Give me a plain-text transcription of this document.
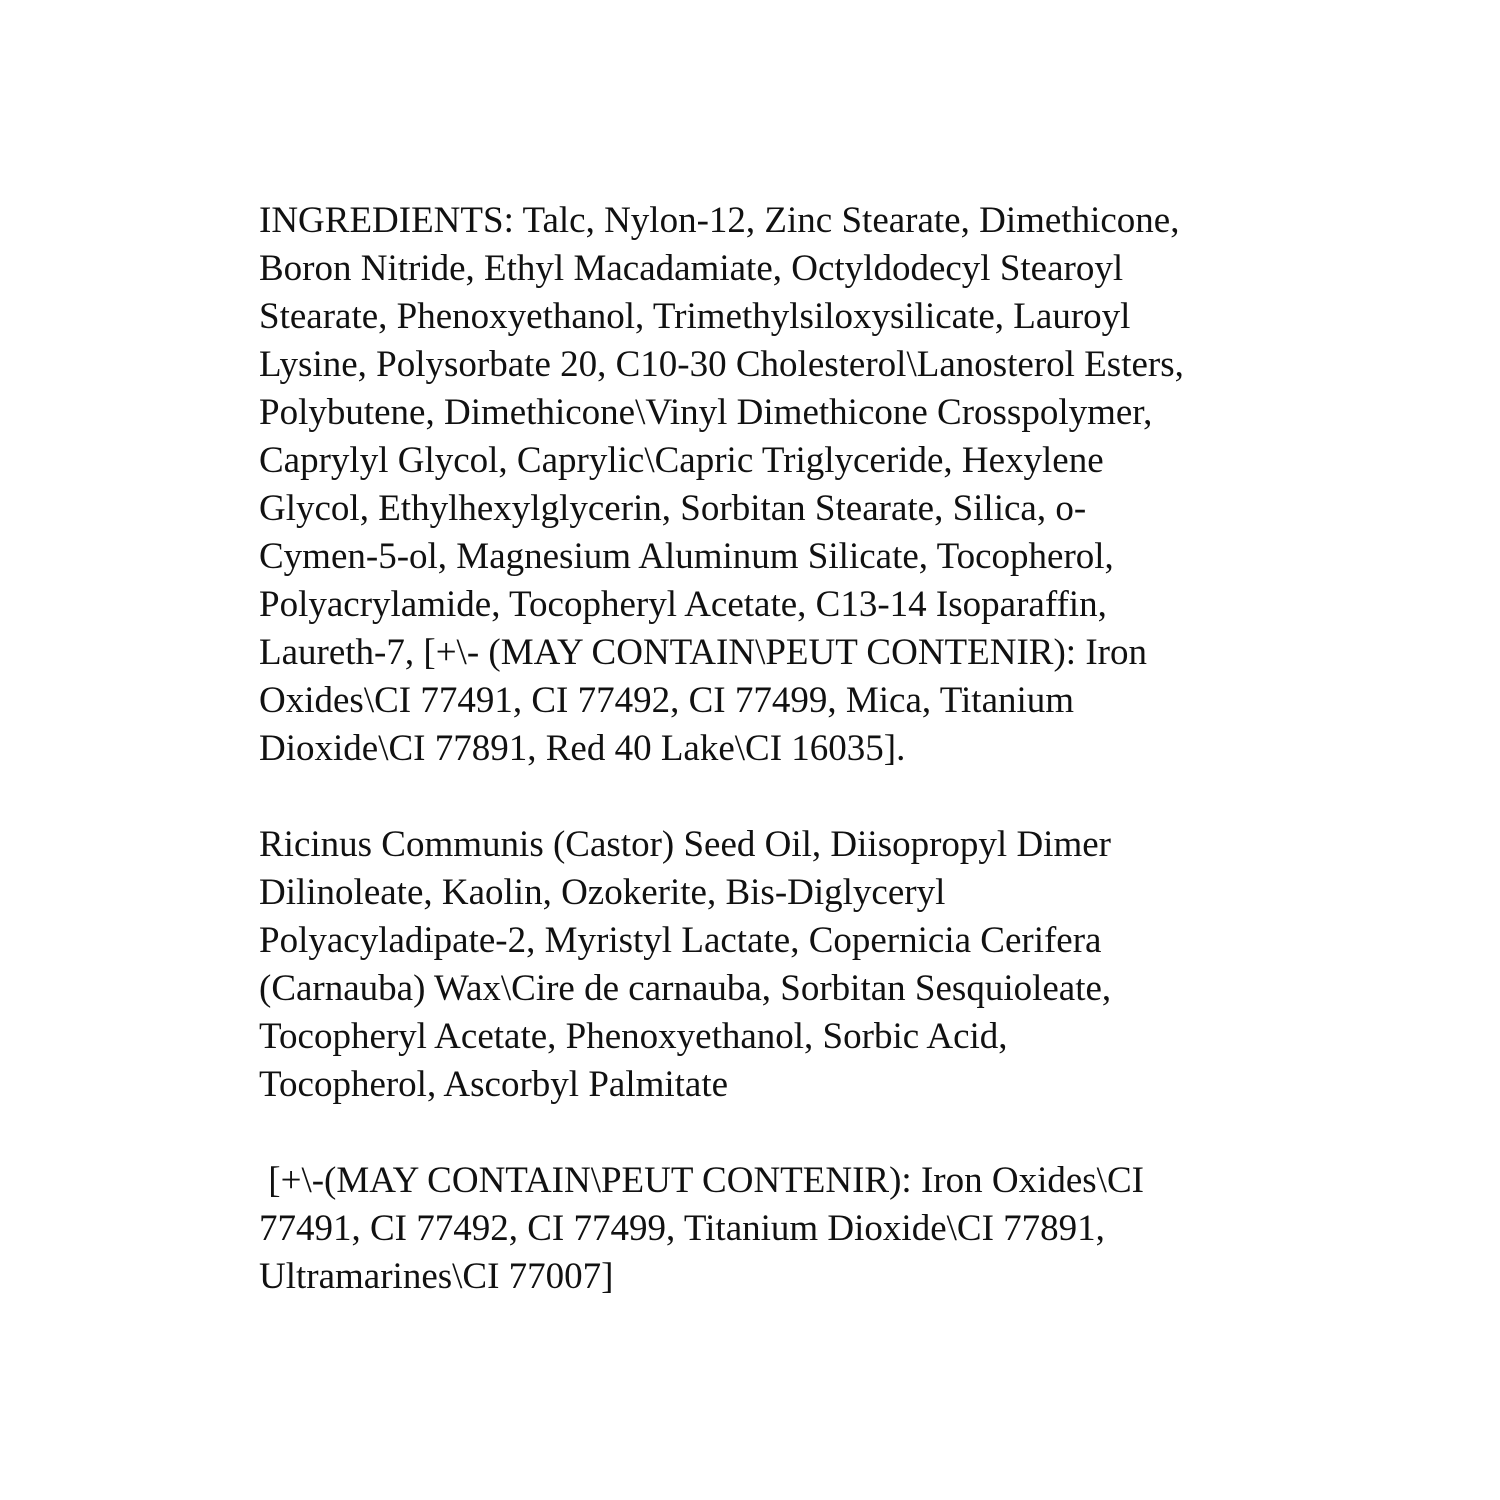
INGREDIENTS: Talc, Nylon-12, Zinc Stearate, Dimethicone,

Boron Nitride, Ethyl Macadamiate, Octyldodecyl Stearoyl

Stearate, Phenoxyethanol, Trimethylsiloxysilicate, Lauroyl

Lysine, Polysorbate 20, C10-30 Cholesterol\Lanosterol Esters,

Polybutene, Dimethicone\Vinyl Dimethicone Crosspolymer,

Caprylyl Glycol, Caprylic\Capric Triglyceride, Hexylene

Glycol, Ethylhexylglycerin, Sorbitan Stearate, Silica, o-

Cymen-5-ol, Magnesium Aluminum Silicate, Tocopherol,

Polyacrylamide, Tocopheryl Acetate, C13-14 Isoparaffin,

Laureth-7, [+\- (MAY CONTAIN\PEUT CONTENIR): Iron

Oxides\CI 77491, CI 77492, CI 77499, Mica, Titanium

Dioxide\CI 77891, Red 40 Lake\CI 16035].

Ricinus Communis (Castor) Seed Oil, Diisopropyl Dimer

Dilinoleate, Kaolin, Ozokerite, Bis-Diglyceryl

Polyacyladipate-2, Myristyl Lactate, Copernicia Cerifera

(Carnauba) Wax\Cire de carnauba, Sorbitan Sesquioleate,

Tocopheryl Acetate, Phenoxyethanol, Sorbic Acid,

Tocopherol, Ascorbyl Palmitate

[+\-(MAY CONTAIN\PEUT CONTENIR): Iron Oxides\CI

77491, CI 77492, CI 77499, Titanium Dioxide\CI 77891,

Ultramarines\CI 77007]
